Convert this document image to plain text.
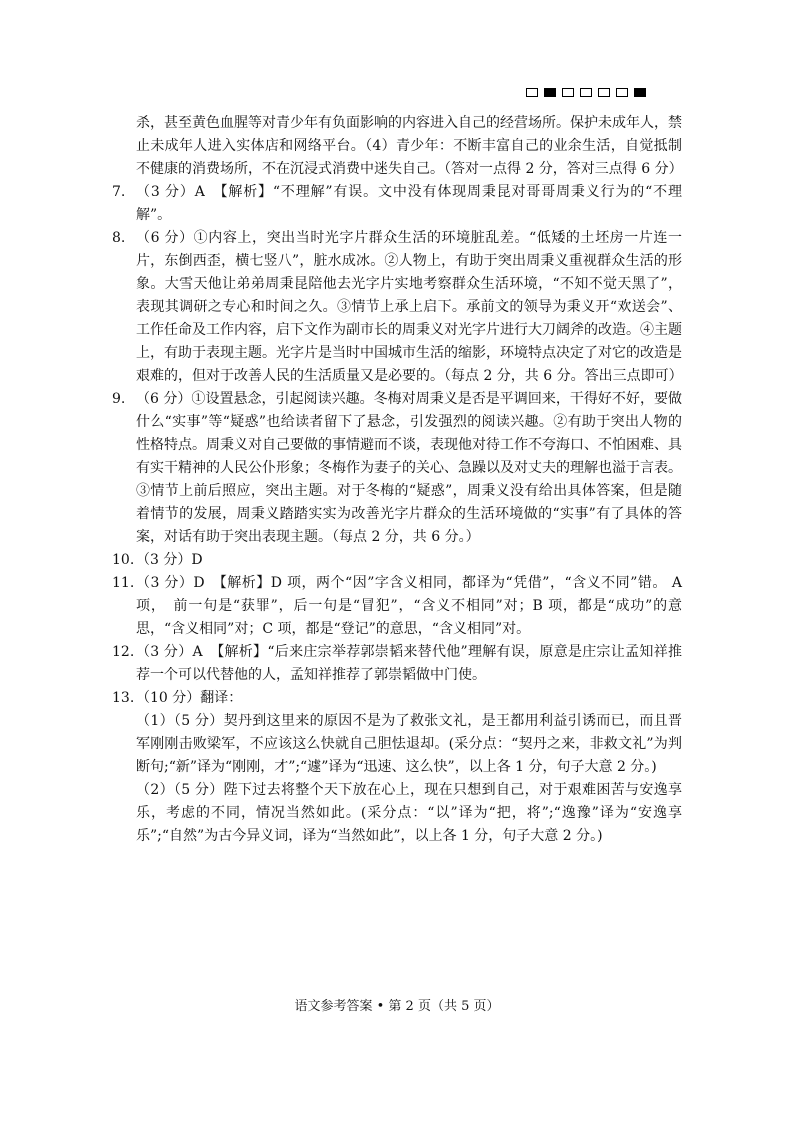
杀，甚至黄色血腥等对青少年有负面影响的内容进入自己的经营场所。保护未成年人，禁止未成年人进入实体店和网络平台。（4）青少年：不断丰富自己的业余生活，自觉抵制不健康的消费场所，不在沉浸式消费中迷失自己。（答对一点得 2 分，答对三点得 6 分）

7. （3 分）A　【解析】“不理解”有误。文中没有体现周秉昆对哥哥周秉义行为的“不理解”。
8. （6 分）①内容上，突出当时光字片群众生活的环境脏乱差。“低矮的土坯房一片连一片，东倒西歪，横七竖八”，脏水成冰。②人物上，有助于突出周秉义重视群众生活的形象。大雪天他让弟弟周秉昆陪他去光字片实地考察群众生活环境，“不知不觉天黑了”，表现其调研之专心和时间之久。③情节上承上启下。承前文的领导为秉义开“欢送会”、工作任命及工作内容，启下文作为副市长的周秉义对光字片进行大刀阔斧的改造。④主题上，有助于表现主题。光字片是当时中国城市生活的缩影，环境特点决定了对它的改造是艰难的，但对于改善人民的生活质量又是必要的。（每点 2 分，共 6 分。答出三点即可）
9. （6 分）①设置悬念，引起阅读兴趣。冬梅对周秉义是否是平调回来，干得好不好，要做什么“实事”等“疑惑”也给读者留下了悬念，引发强烈的阅读兴趣。②有助于突出人物的性格特点。周秉义对自己要做的事情避而不谈，表现他对待工作不夸海口、不怕困难、具有实干精神的人民公仆形象；冬梅作为妻子的关心、急躁以及对丈夫的理解也溢于言表。③情节上前后照应，突出主题。对于冬梅的“疑惑”，周秉义没有给出具体答案，但是随着情节的发展，周秉义踏踏实实为改善光字片群众的生活环境做的“实事”有了具体的答案，对话有助于突出表现主题。（每点 2 分，共 6 分。）
10. （3 分）D
11. （3 分）D　【解析】D 项，两个“因”字含义相同，都译为“凭借”，“含义不同”错。 A 项，　前一句是“获罪”，后一句是“冒犯”，“含义不相同”对；B 项，都是“成功”的意思，“含义相同”对；C 项，都是“登记”的意思，“含义相同”对。
12. （3 分）A　【解析】“后来庄宗举荐郭崇韬来替代他”理解有误，原意是庄宗让孟知祥推荐一个可以代替他的人，孟知祥推荐了郭崇韬做中门使。
13. （10 分）翻译：
（1）（5 分）契丹到这里来的原因不是为了救张文礼，是王都用利益引诱而已，而且晋军刚刚击败梁军，不应该这么快就自己胆怯退却。(采分点：“契丹之来，非救文礼”为判断句;“新”译为“刚刚，才”;“遽”译为“迅速、这么快”，以上各 1 分，句子大意 2 分。)
（2）（5 分）陛下过去将整个天下放在心上，现在只想到自己，对于艰难困苦与安逸享乐，考虑的不同，情况当然如此。(采分点：“以”译为“把，将”;“逸豫”译为“安逸享乐”;“自然”为古今异义词，译为“当然如此”，以上各 1 分，句子大意 2 分。)
语文参考答案 • 第 2 页（共 5 页）
